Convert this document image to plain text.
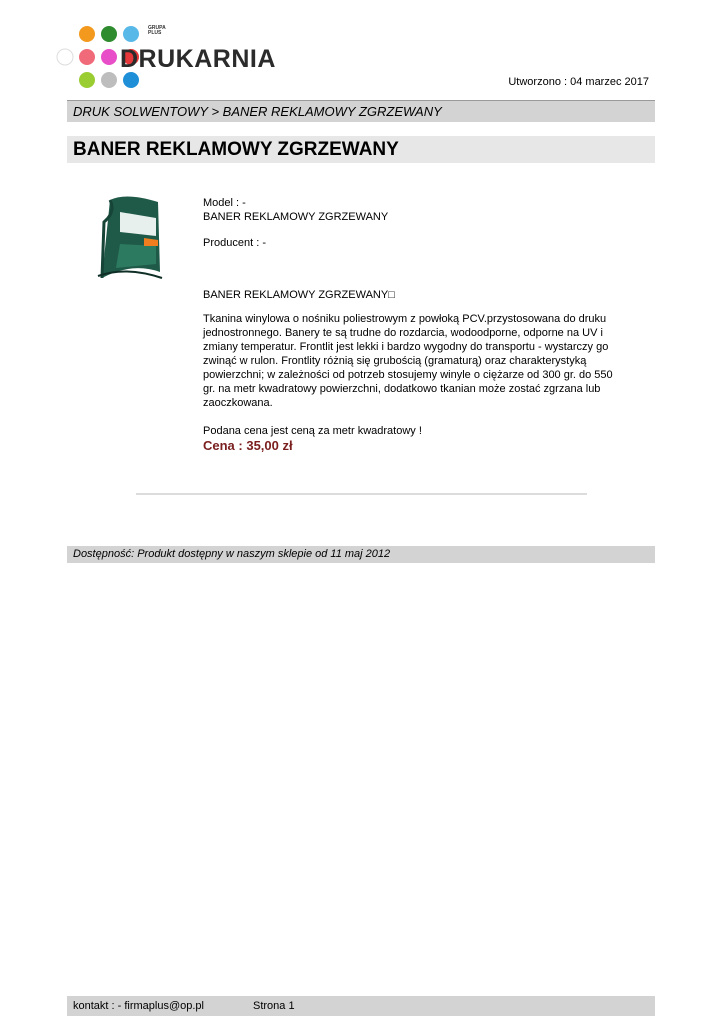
GRUPA PLUS
DRUKARNIA
Utworzono : 04 marzec 2017
DRUK SOLWENTOWY > BANER REKLAMOWY ZGRZEWANY
BANER REKLAMOWY ZGRZEWANY

Model : -

BANER REKLAMOWY ZGRZEWANY

Producent : -

BANER REKLAMOWY ZGRZEWANY□

Tkanina winylowa o nośniku poliestrowym z powłoką PCV.przystosowana do druku jednostronnego. Banery te są trudne do rozdarcia, wodoodporne, odporne na UV i zmiany temperatur. Frontlit jest lekki i bardzo wygodny do transportu - wystarczy go zwinąć w rulon. Frontlity różnią się grubością (gramaturą) oraz charakterystyką powierzchni; w zależności od potrzeb stosujemy winyle o ciężarze od 300 gr. do 550 gr. na metr kwadratowy powierzchni, dodatkowo tkanian może zostać zgrzana lub zaoczkowana.

Podana cena jest ceną za metr kwadratowy !

Cena : 35,00 zł

Dostępność: Produkt dostępny w naszym sklepie od 11 maj 2012
kontakt : - firmaplus@op.pl	Strona 1
